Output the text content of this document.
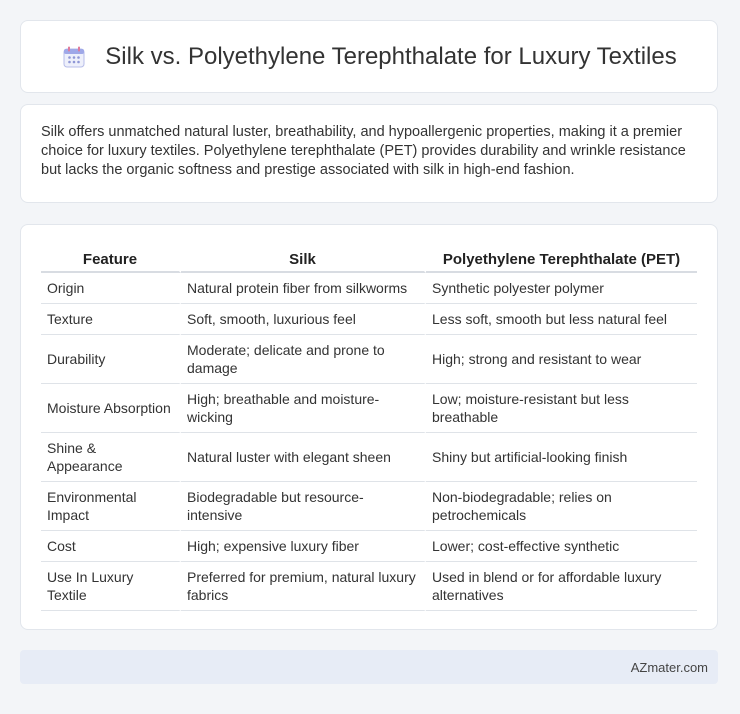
Silk vs. Polyethylene Terephthalate for Luxury Textiles

Silk offers unmatched natural luster, breathability, and hypoallergenic properties, making it a premier choice for luxury textiles. Polyethylene terephthalate (PET) provides durability and wrinkle resistance but lacks the organic softness and prestige associated with silk in high-end fashion.

Feature	Silk	Polyethylene Terephthalate (PET)
Origin	Natural protein fiber from silkworms	Synthetic polyester polymer
Texture	Soft, smooth, luxurious feel	Less soft, smooth but less natural feel
Durability	Moderate; delicate and prone to damage	High; strong and resistant to wear
Moisture Absorption	High; breathable and moisture-wicking	Low; moisture-resistant but less breathable
Shine & Appearance	Natural luster with elegant sheen	Shiny but artificial-looking finish
Environmental Impact	Biodegradable but resource-intensive	Non-biodegradable; relies on petrochemicals
Cost	High; expensive luxury fiber	Lower; cost-effective synthetic
Use In Luxury Textile	Preferred for premium, natural luxury fabrics	Used in blend or for affordable luxury alternatives
AZmater.com
